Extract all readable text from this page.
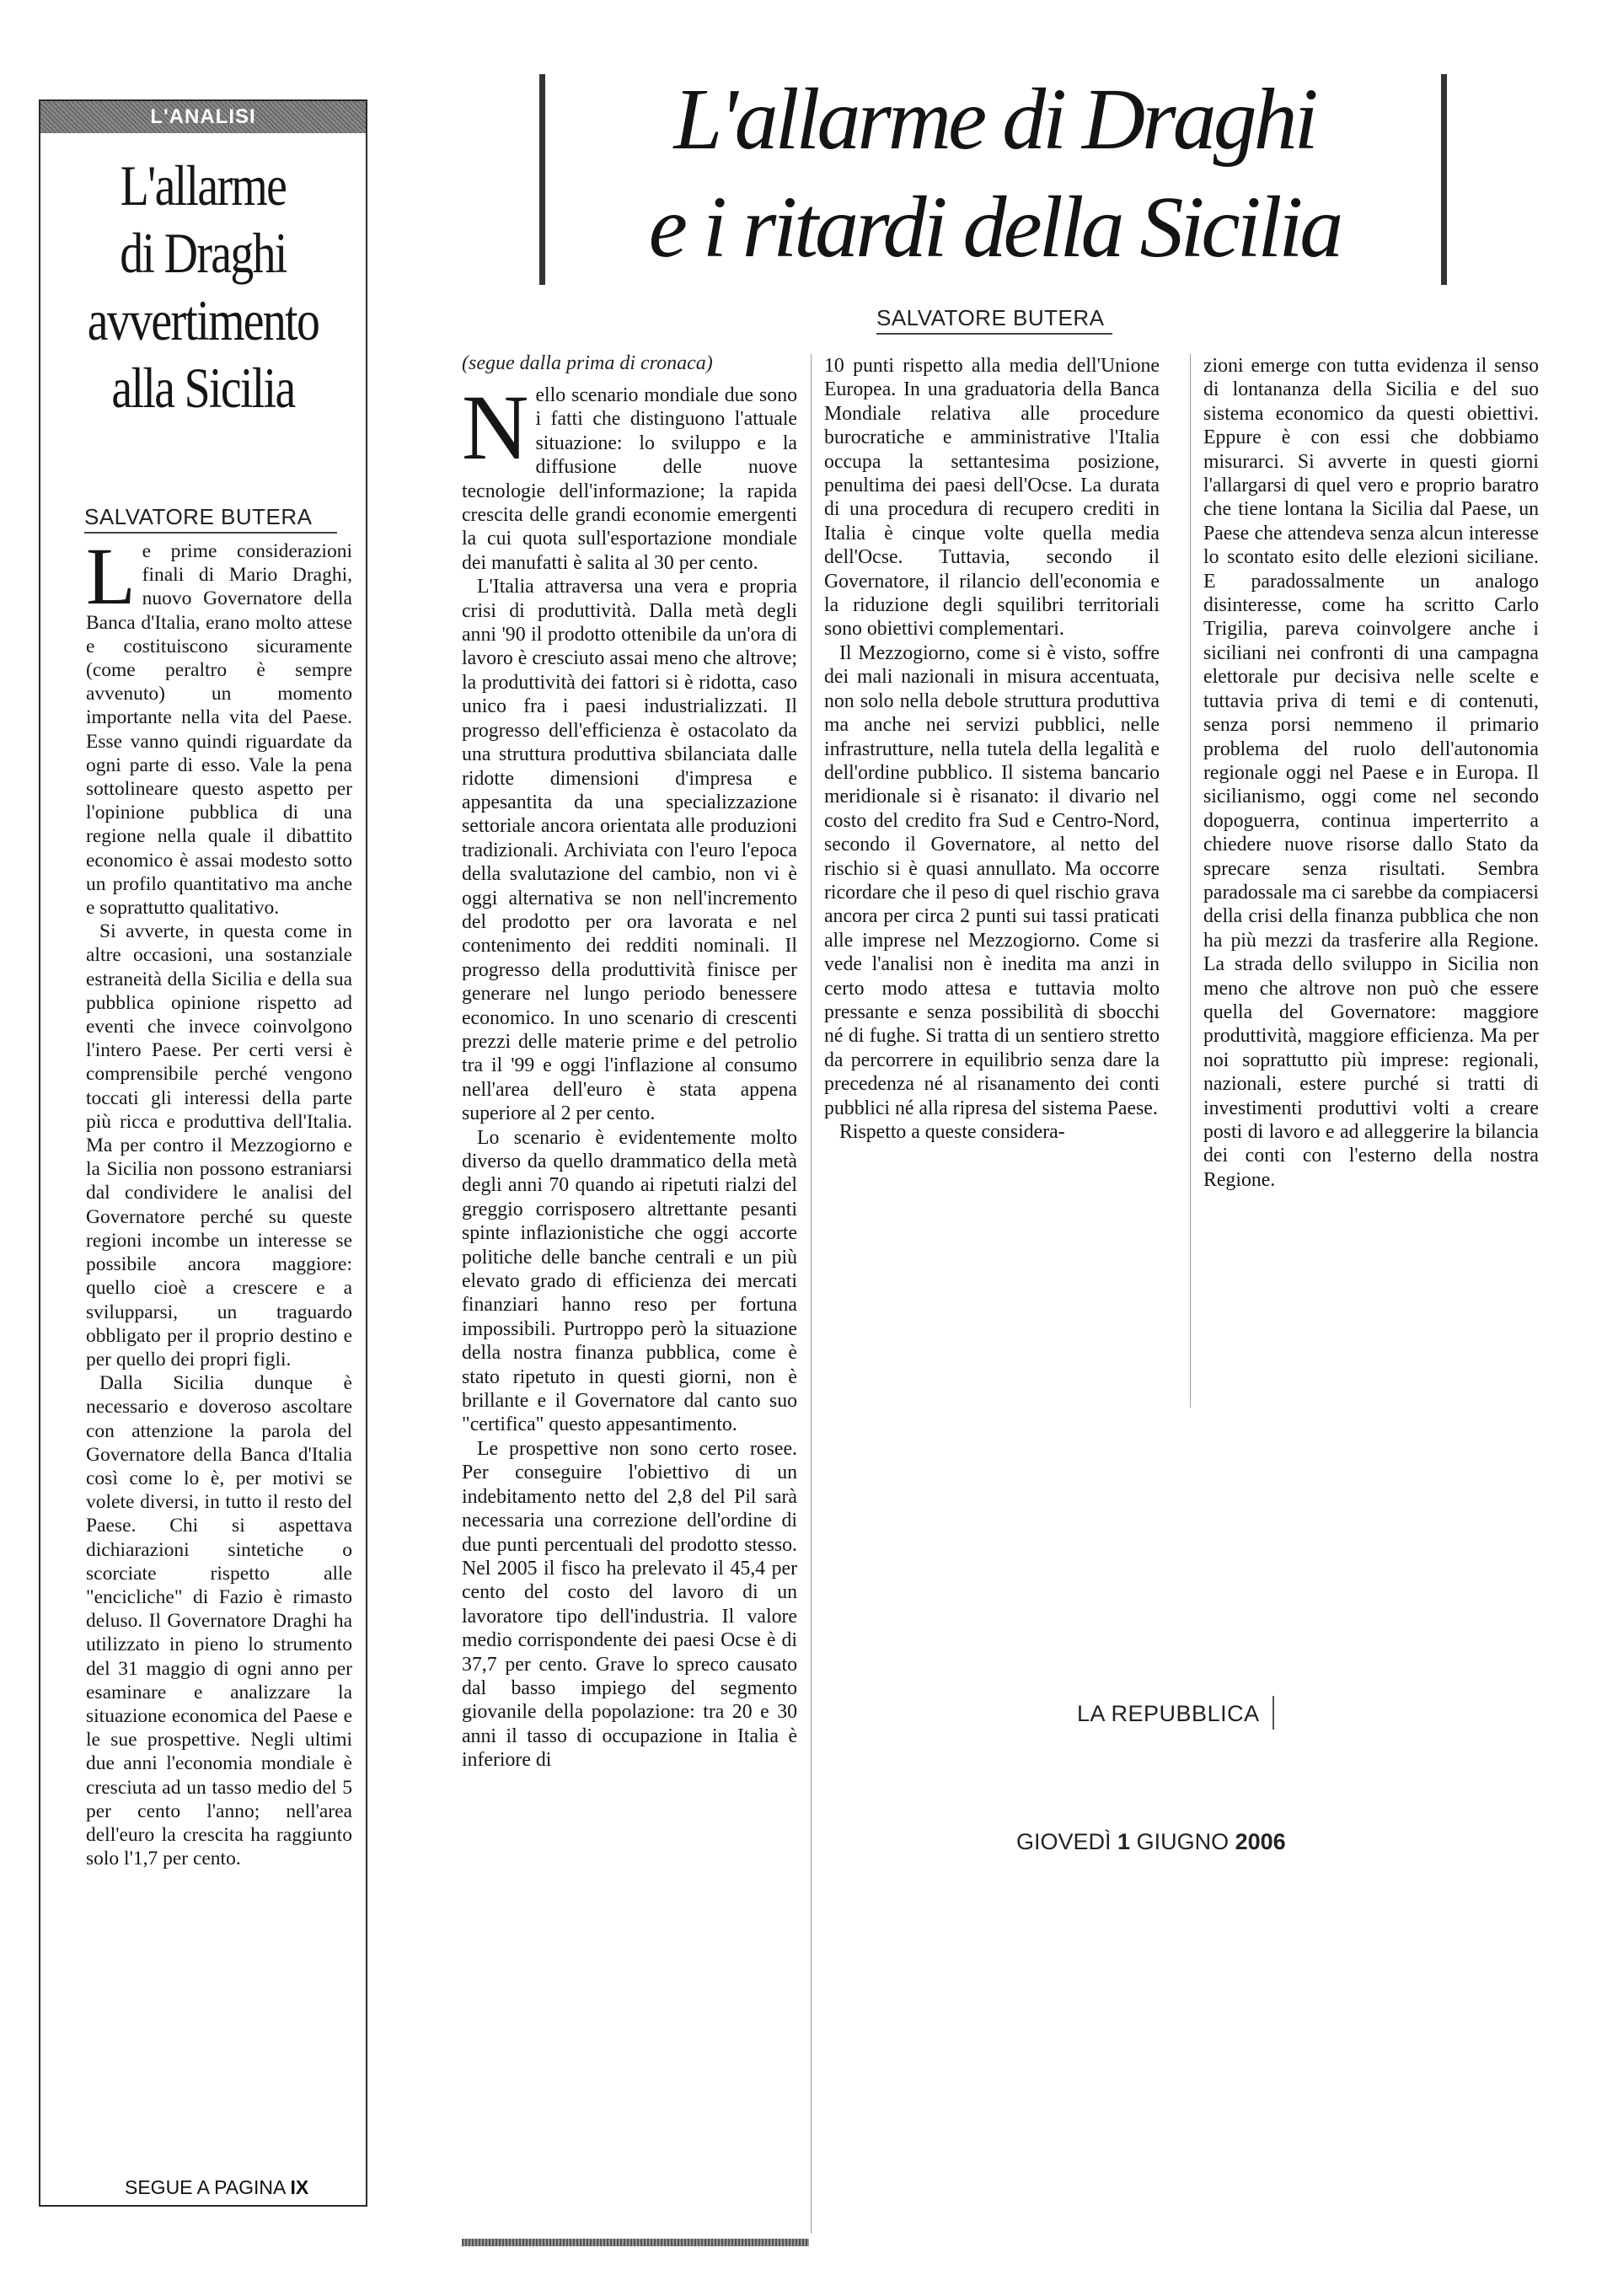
L'ANALISI
L'allarme
di Draghi
avvertimento
alla Sicilia
SALVATORE BUTERA
L e prime considerazioni finali di Mario Draghi, nuovo Governatore della Banca d'Italia, erano molto attese e costituiscono sicuramente (come peraltro è sempre avvenuto) un momento importante nella vita del Paese. Esse vanno quindi riguardate da ogni parte di esso. Vale la pena sottolineare questo aspetto per l'opinione pubblica di una regione nella quale il dibattito economico è assai modesto sotto un profilo quantitativo ma anche e soprattutto qualitativo.

Si avverte, in questa come in altre occasioni, una sostanziale estraneità della Sicilia e della sua pubblica opinione rispetto ad eventi che invece coinvolgono l'intero Paese. Per certi versi è comprensibile perché vengono toccati gli interessi della parte più ricca e produttiva dell'Italia. Ma per contro il Mezzogiorno e la Sicilia non possono estraniarsi dal condividere le analisi del Governatore perché su queste regioni incombe un interesse se possibile ancora maggiore: quello cioè a crescere e a svilupparsi, un traguardo obbligato per il proprio destino e per quello dei propri figli.

Dalla Sicilia dunque è necessario e doveroso ascoltare con attenzione la parola del Governatore della Banca d'Italia così come lo è, per motivi se volete diversi, in tutto il resto del Paese. Chi si aspettava dichiarazioni sintetiche o scorciate rispetto alle "encicliche" di Fazio è rimasto deluso. Il Governatore Draghi ha utilizzato in pieno lo strumento del 31 maggio di ogni anno per esaminare e analizzare la situazione economica del Paese e le sue prospettive. Negli ultimi due anni l'economia mondiale è cresciuta ad un tasso medio del 5 per cento l'anno; nell'area dell'euro la crescita ha raggiunto solo l'1,7 per cento.

SEGUE A PAGINA IX
L'allarme di Draghi
e i ritardi della Sicilia
SALVATORE BUTERA
(segue dalla prima di cronaca)
N ello scenario mondiale due sono i fatti che distinguono l'attuale situazione: lo sviluppo e la diffusione delle nuove tecnologie dell'informazione; la rapida crescita delle grandi economie emergenti la cui quota sull'esportazione mondiale dei manufatti è salita al 30 per cento.

L'Italia attraversa una vera e propria crisi di produttività. Dalla metà degli anni '90 il prodotto ottenibile da un'ora di lavoro è cresciuto assai meno che altrove; la produttività dei fattori si è ridotta, caso unico fra i paesi industrializzati. Il progresso dell'efficienza è ostacolato da una struttura produttiva sbilanciata dalle ridotte dimensioni d'impresa e appesantita da una specializzazione settoriale ancora orientata alle produzioni tradizionali. Archiviata con l'euro l'epoca della svalutazione del cambio, non vi è oggi alternativa se non nell'incremento del prodotto per ora lavorata e nel contenimento dei redditi nominali. Il progresso della produttività finisce per generare nel lungo periodo benessere economico. In uno scenario di crescenti prezzi delle materie prime e del petrolio tra il '99 e oggi l'inflazione al consumo nell'area dell'euro è stata appena superiore al 2 per cento.

Lo scenario è evidentemente molto diverso da quello drammatico della metà degli anni 70 quando ai ripetuti rialzi del greggio corrisposero altrettante pesanti spinte inflazionistiche che oggi accorte politiche delle banche centrali e un più elevato grado di efficienza dei mercati finanziari hanno reso per fortuna impossibili. Purtroppo però la situazione della nostra finanza pubblica, come è stato ripetuto in questi giorni, non è brillante e il Governatore dal canto suo "certifica" questo appesantimento.

Le prospettive non sono certo rosee. Per conseguire l'obiettivo di un indebitamento netto del 2,8 del Pil sarà necessaria una correzione dell'ordine di due punti percentuali del prodotto stesso. Nel 2005 il fisco ha prelevato il 45,4 per cento del costo del lavoro di un lavoratore tipo dell'industria. Il valore medio corrispondente dei paesi Ocse è di 37,7 per cento. Grave lo spreco causato dal basso impiego del segmento giovanile della popolazione: tra 20 e 30 anni il tasso di occupazione in Italia è inferiore di

10 punti rispetto alla media dell'Unione Europea. In una graduatoria della Banca Mondiale relativa alle procedure burocratiche e amministrative l'Italia occupa la settantesima posizione, penultima dei paesi dell'Ocse. La durata di una procedura di recupero crediti in Italia è cinque volte quella media dell'Ocse. Tuttavia, secondo il Governatore, il rilancio dell'economia e la riduzione degli squilibri territoriali sono obiettivi complementari.

Il Mezzogiorno, come si è visto, soffre dei mali nazionali in misura accentuata, non solo nella debole struttura produttiva ma anche nei servizi pubblici, nelle infrastrutture, nella tutela della legalità e dell'ordine pubblico. Il sistema bancario meridionale si è risanato: il divario nel costo del credito fra Sud e Centro-Nord, secondo il Governatore, al netto del rischio si è quasi annullato. Ma occorre ricordare che il peso di quel rischio grava ancora per circa 2 punti sui tassi praticati alle imprese nel Mezzogiorno. Come si vede l'analisi non è inedita ma anzi in certo modo attesa e tuttavia molto pressante e senza possibilità di sbocchi né di fughe. Si tratta di un sentiero stretto da percorrere in equilibrio senza dare la precedenza né al risanamento dei conti pubblici né alla ripresa del sistema Paese.

Rispetto a queste considera-

zioni emerge con tutta evidenza il senso di lontananza della Sicilia e del suo sistema economico da questi obiettivi. Eppure è con essi che dobbiamo misurarci. Si avverte in questi giorni l'allargarsi di quel vero e proprio baratro che tiene lontana la Sicilia dal Paese, un Paese che attendeva senza alcun interesse lo scontato esito delle elezioni siciliane. E paradossalmente un analogo disinteresse, come ha scritto Carlo Trigilia, pareva coinvolgere anche i siciliani nei confronti di una campagna elettorale pur decisiva nelle scelte e tuttavia priva di temi e di contenuti, senza porsi nemmeno il primario problema del ruolo dell'autonomia regionale oggi nel Paese e in Europa. Il sicilianismo, oggi come nel secondo dopoguerra, continua imperterrito a chiedere nuove risorse dallo Stato da sprecare senza risultati. Sembra paradossale ma ci sarebbe da compiacersi della crisi della finanza pubblica che non ha più mezzi da trasferire alla Regione. La strada dello sviluppo in Sicilia non meno che altrove non può che essere quella del Governatore: maggiore produttività, maggiore efficienza. Ma per noi soprattutto più imprese: regionali, nazionali, estere purché si tratti di investimenti produttivi volti a creare posti di lavoro e ad alleggerire la bilancia dei conti con l'esterno della nostra Regione.

LA REPUBBLICA
GIOVEDÌ 1 GIUGNO 2006
